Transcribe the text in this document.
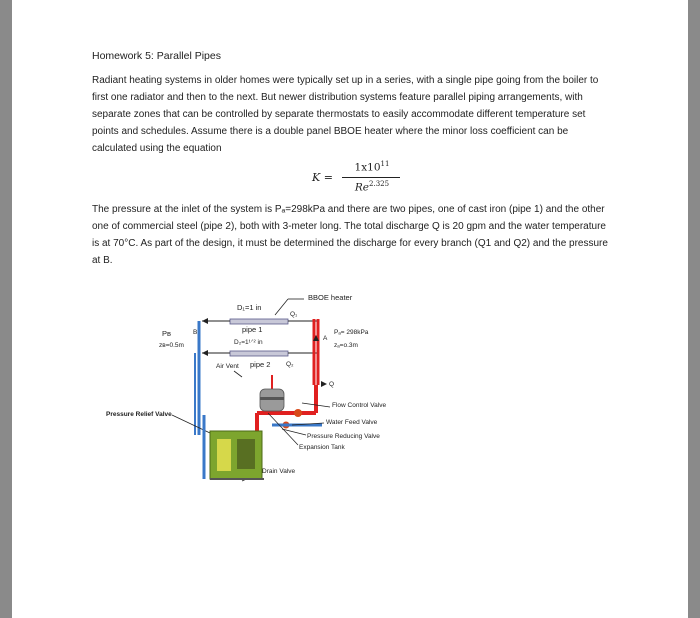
Homework 5: Parallel Pipes

Radiant heating systems in older homes were typically set up in a series, with a single pipe going from the boiler to first one radiator and then to the next. But newer distribution systems feature parallel piping arrangements, with separate zones that can be controlled by separate thermostats to easily accommodate different temperature set points and schedules. Assume there is a double panel BBOE heater where the minor loss coefficient can be calculated using the equation

K =
$1x10^{11}$
$Re^{2.325}$

The pressure at the inlet of the system is Pₐ=298kPa and there are two pipes, one of cast iron (pipe 1) and the other one of commercial steel (pipe 2), both with 3-meter long. The total discharge Q is 20 gpm and the water temperature is at 70°C. As part of the design, it must be determined the discharge for every branch (Q1 and Q2) and the pressure at B.

BBOE heater
D₁=1 in
Q₁
pipe 1
D₂=1¹ᐟ² in
Pʙ	B
zʙ=0.5m
A
Pₐ= 298kPa
zₐ=o.3m
Air Vent pipe 2 Q₂
Q
Flow Control Valve
Pressure Relief Valve
Water Feed Valve
Pressure Reducing Valve
Expansion Tank
Drain Valve
